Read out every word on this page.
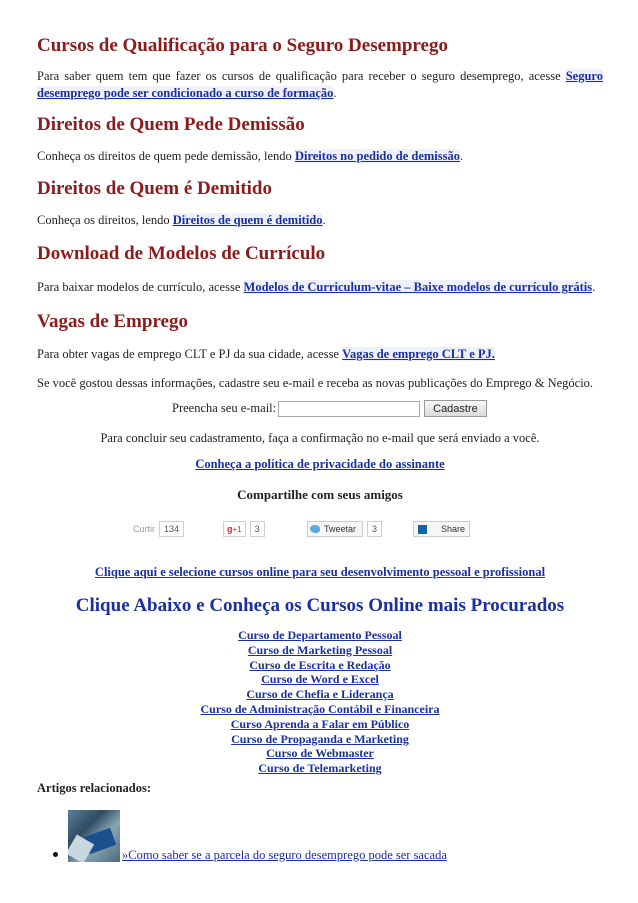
Cursos de Qualificação para o Seguro Desemprego

Para saber quem tem que fazer os cursos de qualificação para receber o seguro desemprego, acesse Seguro desemprego pode ser condicionado a curso de formação.

Direitos de Quem Pede Demissão

Conheça os direitos de quem pede demissão, lendo Direitos no pedido de demissão.

Direitos de Quem é Demitido

Conheça os direitos, lendo Direitos de quem é demitido.

Download de Modelos de Currículo

Para baixar modelos de currículo, acesse Modelos de Curriculum-vitae – Baixe modelos de currículo grátis.

Vagas de Emprego

Para obter vagas de emprego CLT e PJ da sua cidade, acesse Vagas de emprego CLT e PJ.

Se você gostou dessas informações, cadastre seu e-mail e receba as novas publicações do Emprego & Negócio.

Preencha seu e-mail:	Cadastre
Para concluir seu cadastramento, faça a confirmação no e-mail que será enviado a você.
Conheça a política de privacidade do assinante
Compartilhe com seus amigos
Curtir	134	g+1	3	Tweetar	3	Share
Clique aqui e selecione cursos online para seu desenvolvimento pessoal e profissional
Clique Abaixo e Conheça os Cursos Online mais Procurados
Curso de Departamento Pessoal
Curso de Marketing Pessoal
Curso de Escrita e Redação
Curso de Word e Excel
Curso de Chefia e Liderança
Curso de Administração Contábil e Financeira
Curso Aprenda a Falar em Público
Curso de Propaganda e Marketing
Curso de Webmaster
Curso de Telemarketing
Artigos relacionados:
»Como saber se a parcela do seguro desemprego pode ser sacada
